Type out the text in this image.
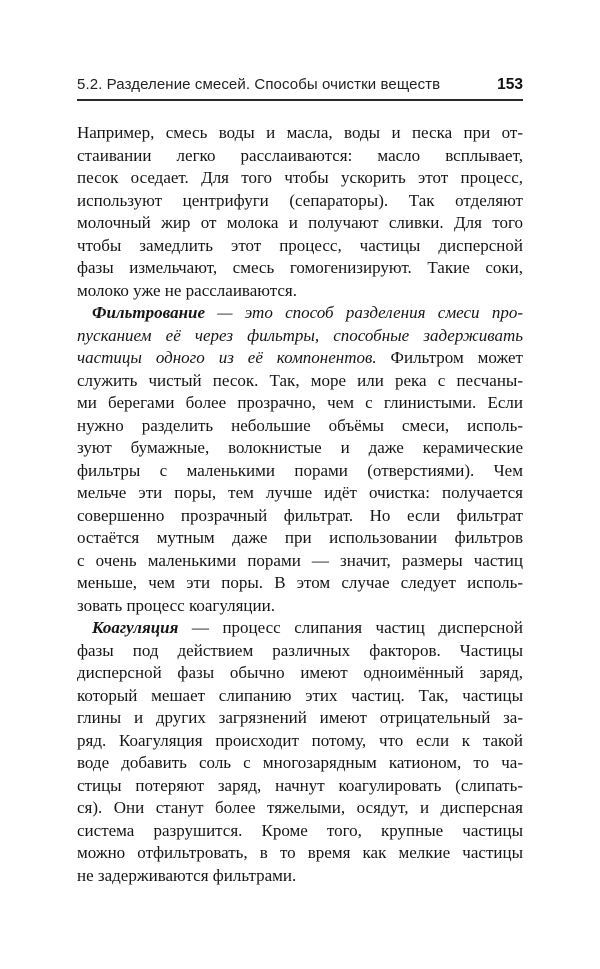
5.2. Разделение смесей. Способы очистки веществ	153
Например, смесь воды и масла, воды и песка при от-
стаивании легко расслаиваются: масло всплывает,
песок оседает. Для того чтобы ускорить этот процесс,
используют центрифуги (сепараторы). Так отделяют
молочный жир от молока и получают сливки. Для того
чтобы замедлить этот процесс, частицы дисперсной
фазы измельчают, смесь гомогенизируют. Такие соки,
молоко уже не расслаиваются.
Фильтрование — это способ разделения смеси про-
пусканием её через фильтры, способные задерживать
частицы одного из её компонентов. Фильтром может
служить чистый песок. Так, море или река с песчаны-
ми берегами более прозрачно, чем с глинистыми. Если
нужно разделить небольшие объёмы смеси, исполь-
зуют бумажные, волокнистые и даже керамические
фильтры с маленькими порами (отверстиями). Чем
мельче эти поры, тем лучше идёт очистка: получается
совершенно прозрачный фильтрат. Но если фильтрат
остаётся мутным даже при использовании фильтров
с очень маленькими порами — значит, размеры частиц
меньше, чем эти поры. В этом случае следует исполь-
зовать процесс коагуляции.
Коагуляция — процесс слипания частиц дисперсной
фазы под действием различных факторов. Частицы
дисперсной фазы обычно имеют одноимённый заряд,
который мешает слипанию этих частиц. Так, частицы
глины и других загрязнений имеют отрицательный за-
ряд. Коагуляция происходит потому, что если к такой
воде добавить соль с многозарядным катионом, то ча-
стицы потеряют заряд, начнут коагулировать (слипать-
ся). Они станут более тяжелыми, осядут, и дисперсная
система разрушится. Кроме того, крупные частицы
можно отфильтровать, в то время как мелкие частицы
не задерживаются фильтрами.
